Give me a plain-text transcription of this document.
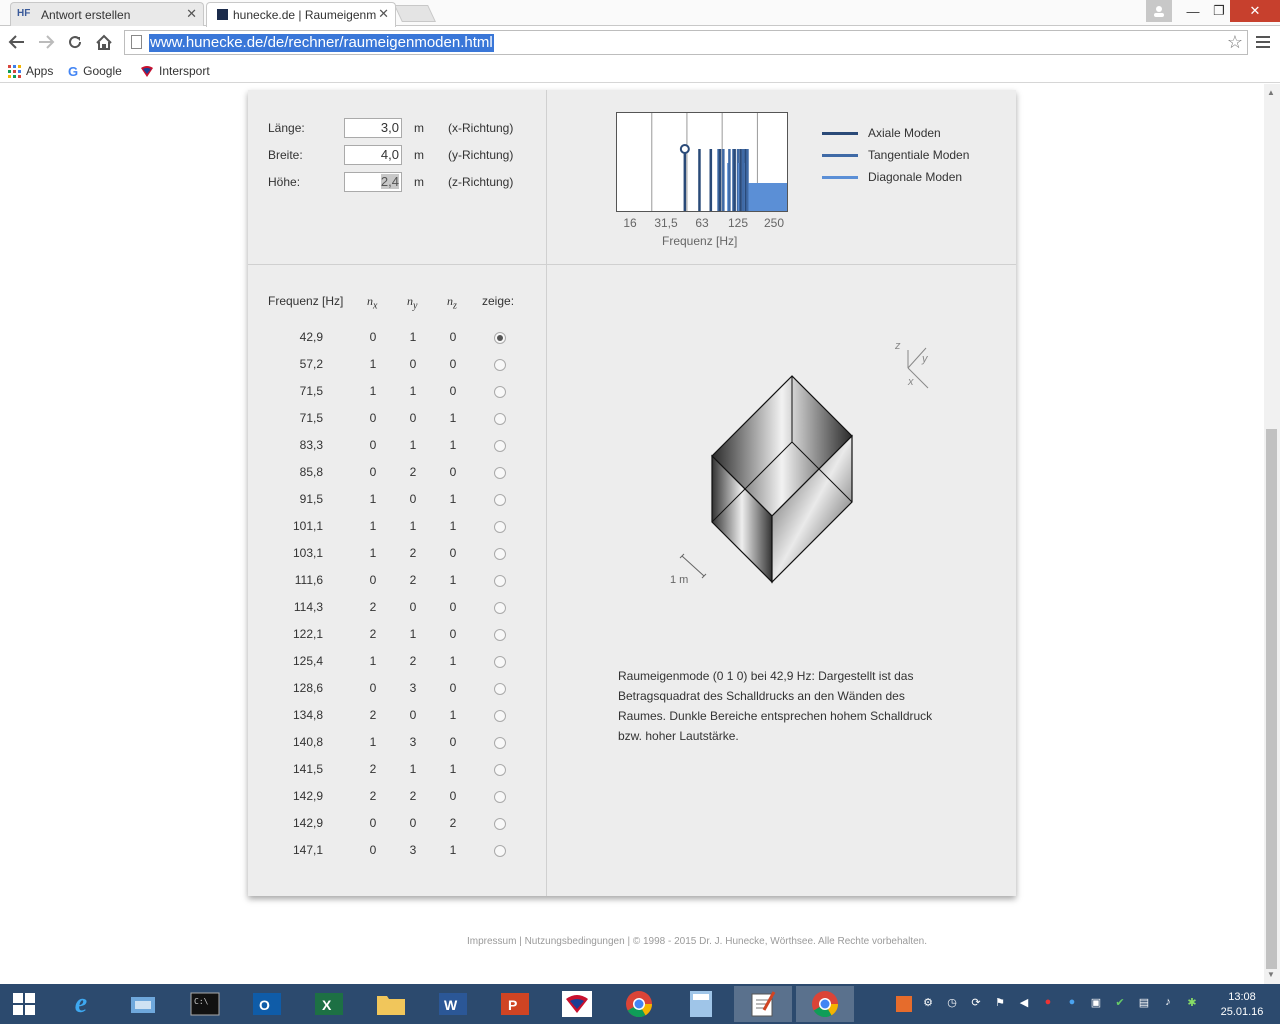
HF Antwort erstellen	✕	hunecke.de | Raumeigenm ✕	—	❐	✕
www.hunecke.de/de/rechner/raumeigenmoden.html	☆
Apps G Google	Intersport
Länge:	3,0	m	(x-Richtung)
Breite:	4,0	m	(y-Richtung)
Höhe:	2,4	m	(z-Richtung)
16 31,5 63 125 250
Frequenz [Hz]
Axiale Moden
Tangentiale Moden
Diagonale Moden
Frequenz [Hz] $n_x$ $n_y$ $n_z$ zeige:
42,9	0	1	0
57,2	1	0	0
71,5	1	1	0
71,5	0	0	1
83,3	0	1	1
85,8	0	2	0
91,5	1	0	1
101,1	1	1	1
103,1	1	2	0
111,6	0	2	1
114,3	2	0	0
122,1	2	1	0
125,4	1	2	1
128,6	0	3	0
134,8	2	0	1
140,8	1	3	0
141,5	2	1	1
142,9	2	2	0
142,9	0	0	2
147,1	0	3	1
1 m
z
y
x

Raumeigenmode (0 1 0) bei 42,9 Hz: Dargestellt ist das Betragsquadrat des Schalldrucks an den Wänden des Raumes. Dunkle Bereiche entsprechen hohem Schalldruck bzw. hoher Lautstärke.

Impressum | Nutzungsbedingungen | © 1998 - 2015 Dr. J. Hunecke, Wörthsee. Alle Rechte vorbehalten.
▲
▼
e	C:\	O	X	W	P	⚙ ◷	⟳	⚑	◀	●	●	▣	✔	▤	♪	✱	13:08
25.01.16
